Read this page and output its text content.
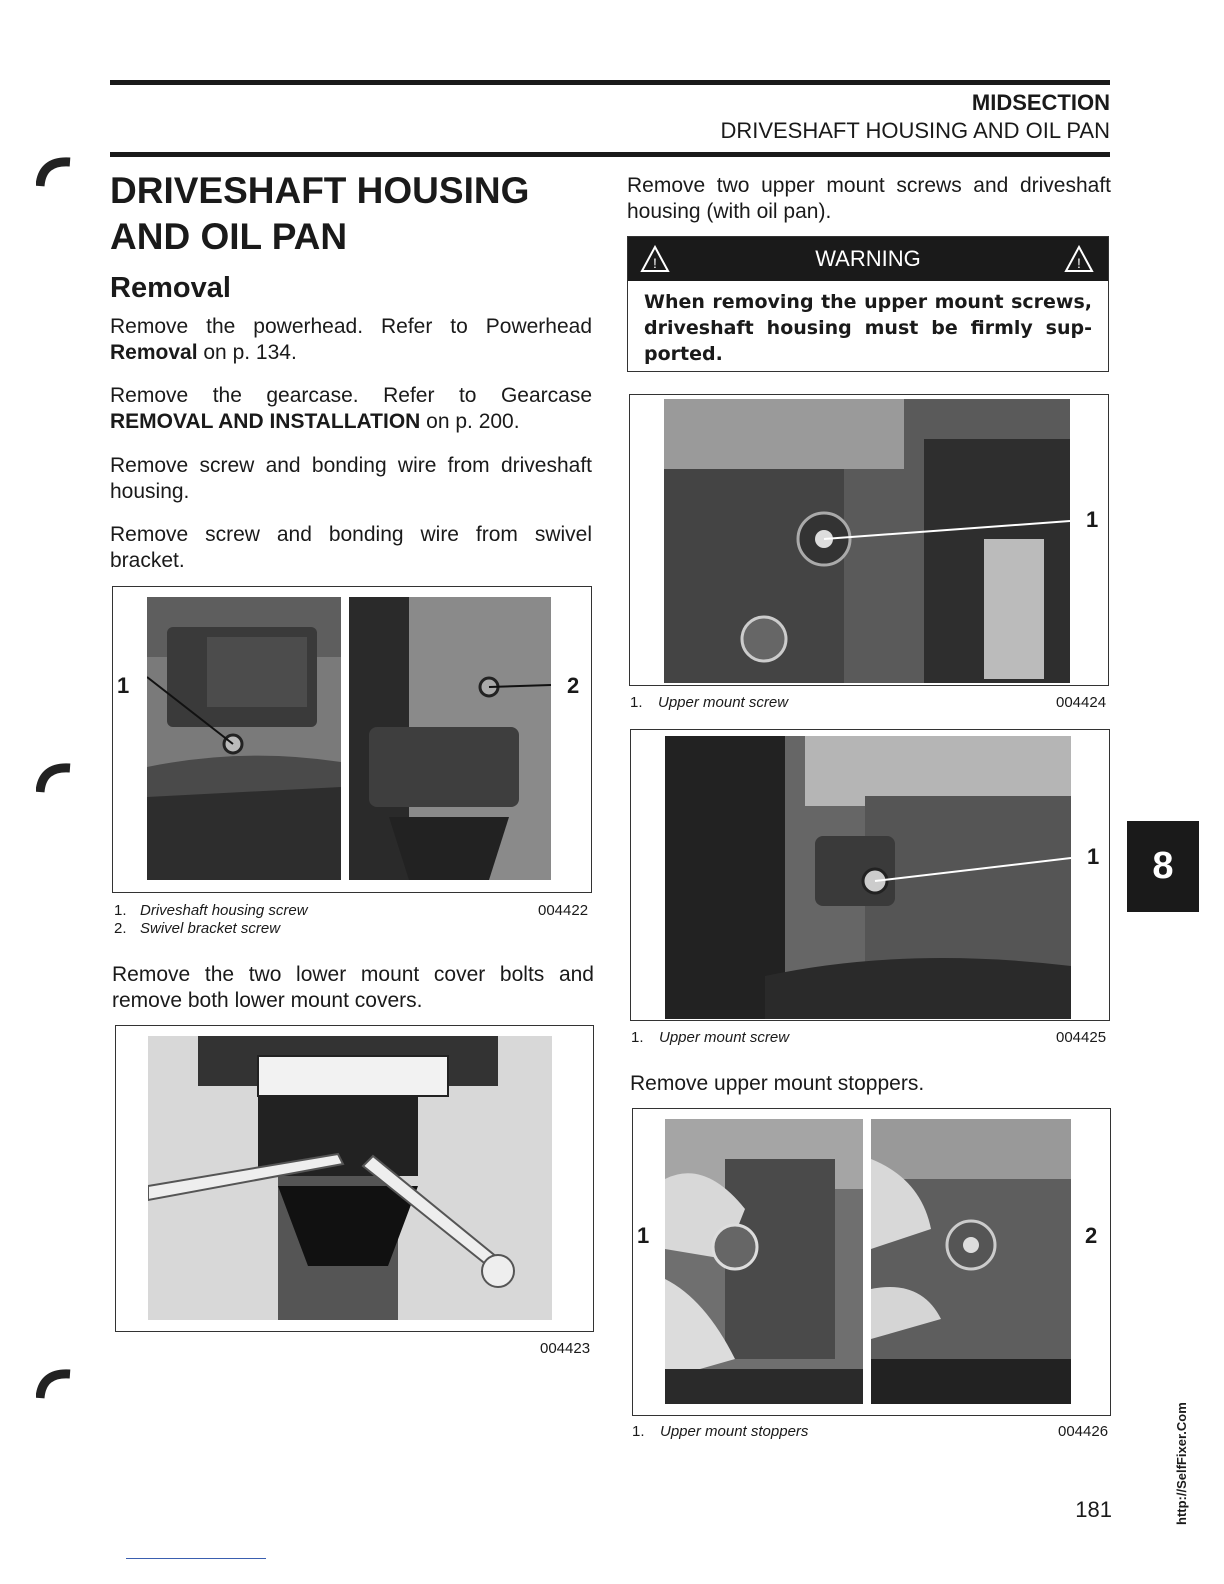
MIDSECTION
DRIVESHAFT HOUSING AND OIL PAN
DRIVESHAFT HOUSING AND OIL PAN
Removal
Remove the powerhead. Refer to Powerhead Removal on p. 134.
Remove the gearcase. Refer to Gearcase REMOVAL AND INSTALLATION on p. 200.
Remove screw and bonding wire from driveshaft housing.
Remove screw and bonding wire from swivel bracket.
1	2
1. Driveshaft housing screw
2. Swivel bracket screw
004422
Remove the two lower mount cover bolts and remove both lower mount covers.
004423
Remove two upper mount screws and driveshaft housing (with oil pan).
!	WARNING	!
When removing the upper mount screws, driveshaft housing must be firmly sup-ported.
1
1. Upper mount screw	004424
1
1. Upper mount screw	004425
Remove upper mount stoppers.
1	2
1. Upper mount stoppers	004426
8
181	http://SelfFixer.Com
